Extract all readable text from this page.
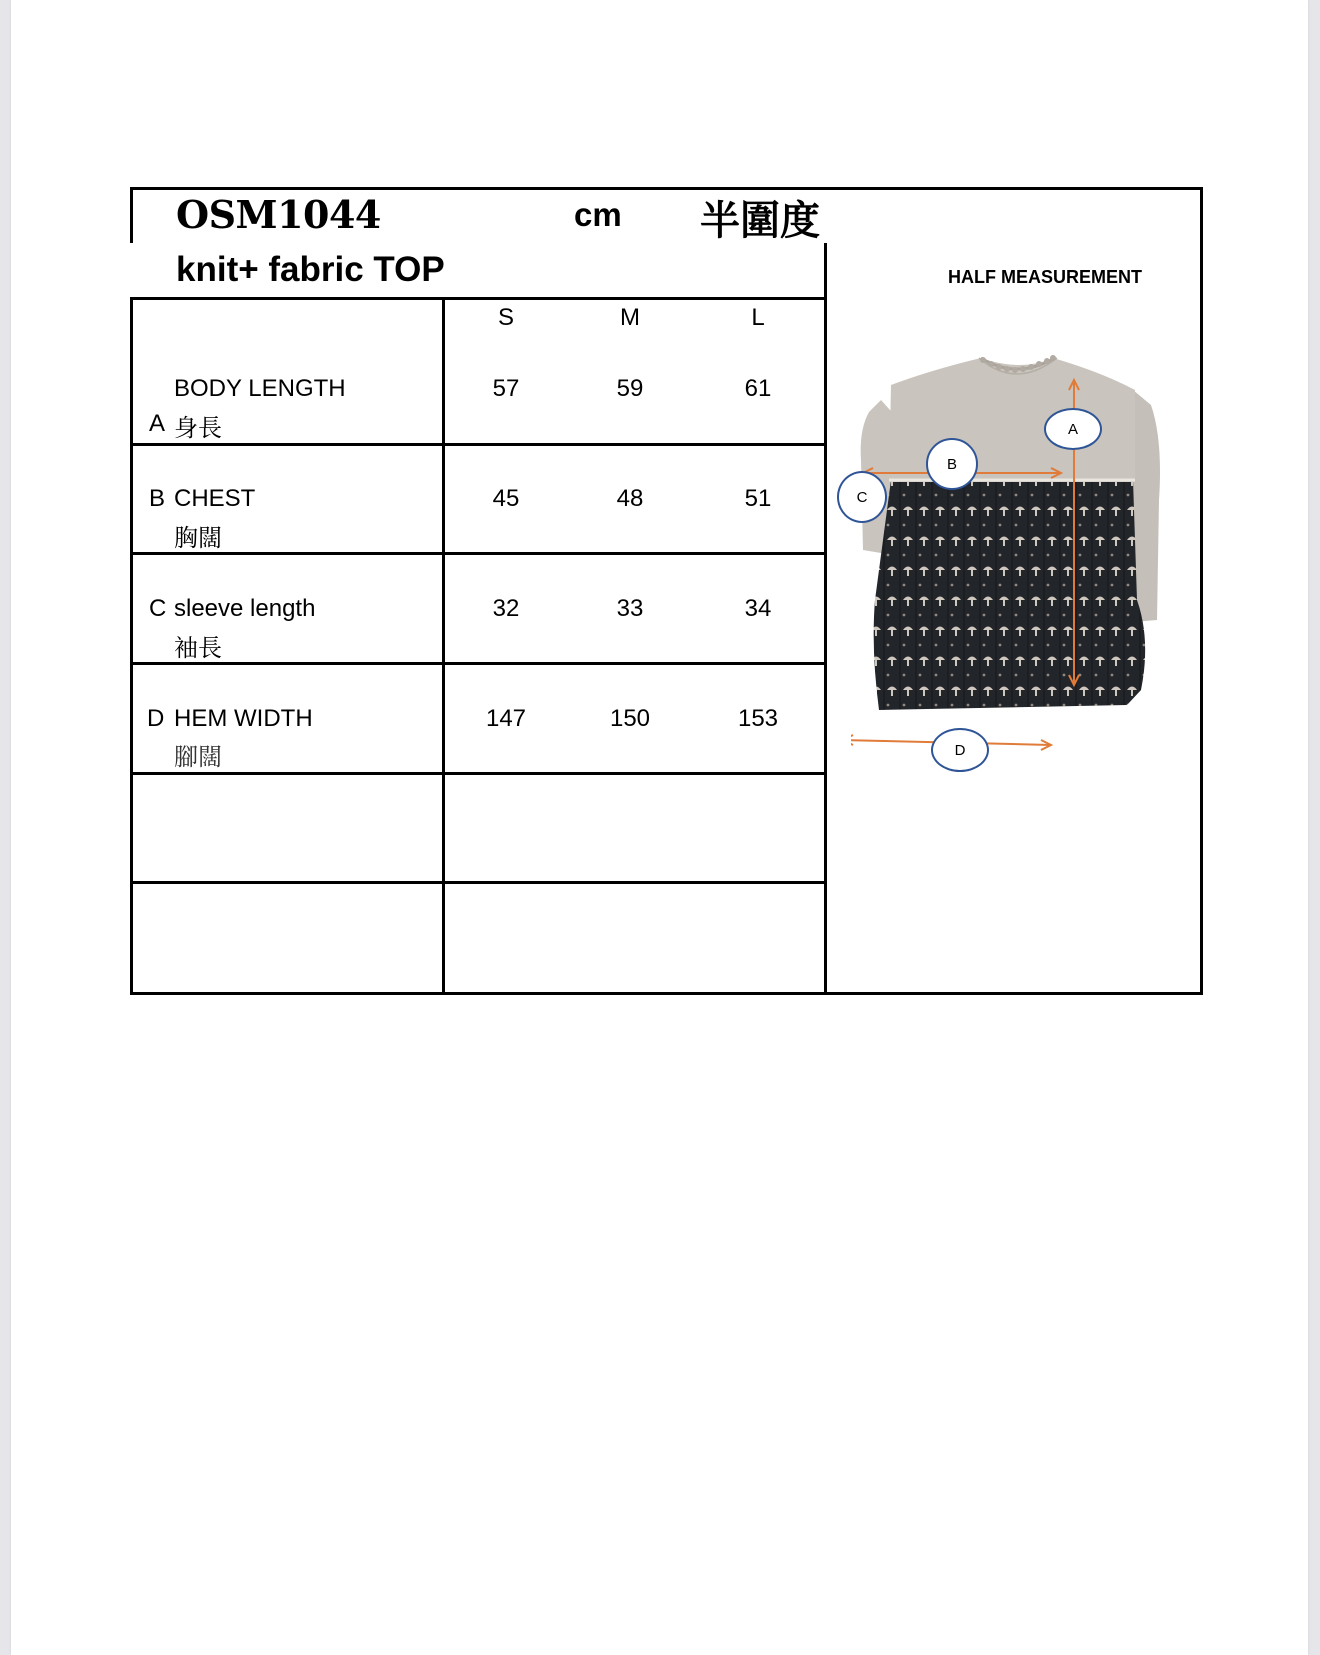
OSM1044	cm 半圍度
knit+ fabric TOP	HALF MEASUREMENT
S	M	L
BODY LENGTH
A 身長
57	59	61
B CHEST
胸闊
45	48	51
C sleeve length
袖長
32	33	34
D HEM WIDTH
腳闊
147	150	153
A
B
C
D
